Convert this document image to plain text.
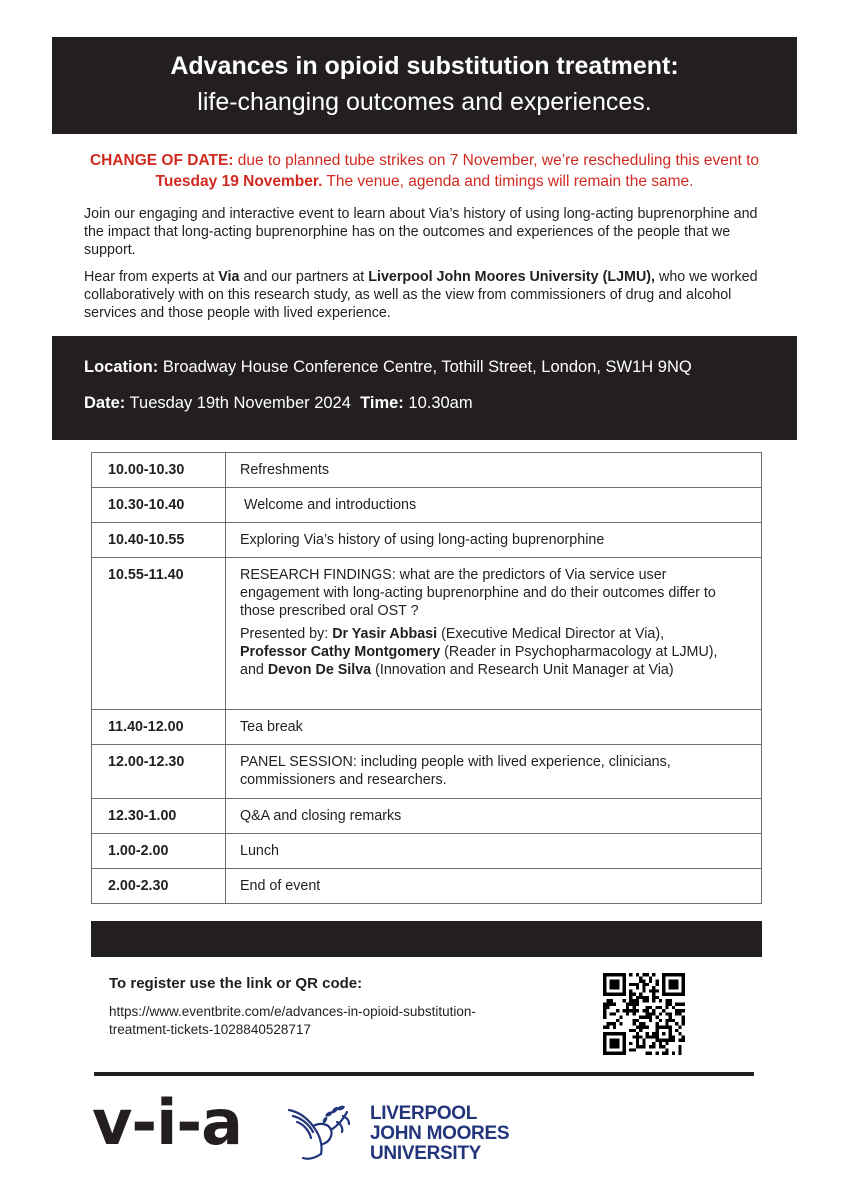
Advances in opioid substitution treatment:
life-changing outcomes and experiences.
CHANGE OF DATE: due to planned tube strikes on 7 November, we’re rescheduling this event to Tuesday 19 November. The venue, agenda and timings will remain the same.
Join our engaging and interactive event to learn about Via’s history of using long-acting buprenorphine and the impact that long-acting buprenorphine has on the outcomes and experiences of the people that we support.
Hear from experts at Via and our partners at Liverpool John Moores University (LJMU), who we worked collaboratively with on this research study, as well as the view from commissioners of drug and alcohol services and those people with lived experience.
Location: Broadway House Conference Centre, Tothill Street, London, SW1H 9NQ
Date: Tuesday 19th November 2024 Time: 10.30am
10.00-10.30	Refreshments
10.30-10.40	Welcome and introductions
10.40-10.55	Exploring Via’s history of using long-acting buprenorphine
10.55-11.40	RESEARCH FINDINGS: what are the predictors of Via service user engagement with long-acting buprenorphine and do their outcomes differ to those prescribed oral OST ?

Presented by: Dr Yasir Abbasi (Executive Medical Director at Via),
Professor Cathy Montgomery (Reader in Psychopharmacology at LJMU),
and Devon De Silva (Innovation and Research Unit Manager at Via)

11.40-12.00	Tea break
12.00-12.30	PANEL SESSION: including people with lived experience, clinicians, commissioners and researchers.
12.30-1.00	Q&A and closing remarks
1.00-2.00	Lunch
2.00-2.30	End of event
To register use the link or QR code:
https://www.eventbrite.com/e/advances-in-opioid-substitution-
treatment-tickets-1028840528717
v-i-a	LIVERPOOL
JOHN MOORES
UNIVERSITY
